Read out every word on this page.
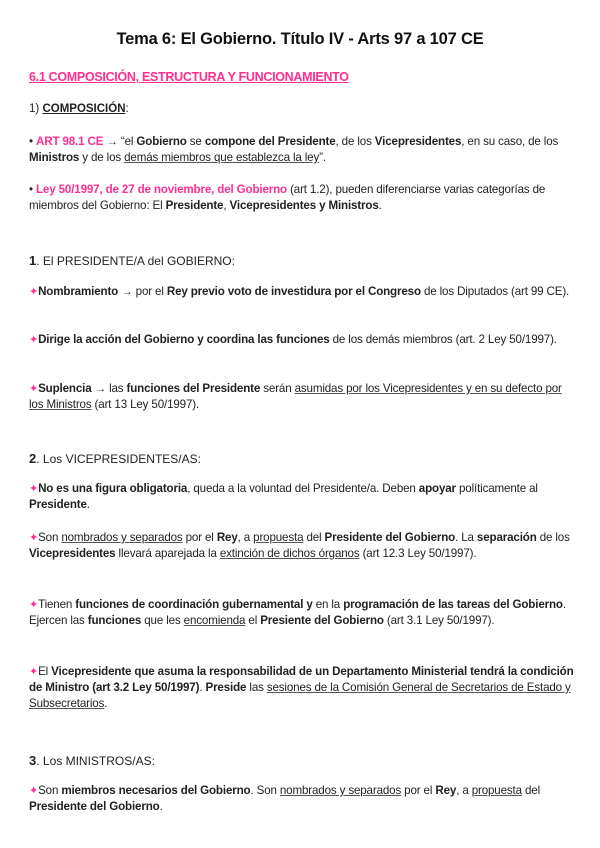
Tema 6: El Gobierno. Título IV - Arts 97 a 107 CE
6.1 COMPOSICIÓN, ESTRUCTURA Y FUNCIONAMIENTO
1) COMPOSICIÓN:
• ART 98.1 CE → “el Gobierno se compone del Presidente, de los Vicepresidentes, en su caso, de los Ministros y de los demás miembros que establezca la ley”.
• Ley 50/1997, de 27 de noviembre, del Gobierno (art 1.2), pueden diferenciarse varias categorías de miembros del Gobierno: El Presidente, Vicepresidentes y Ministros.
1. El PRESIDENTE/A del GOBIERNO:
✦Nombramiento → por el Rey previo voto de investidura por el Congreso de los Diputados (art 99 CE).
✦Dirige la acción del Gobierno y coordina las funciones de los demás miembros (art. 2 Ley 50/1997).
✦Suplencia → las funciones del Presidente serán asumidas por los Vicepresidentes y en su defecto por los Ministros (art 13 Ley 50/1997).
2. Los VICEPRESIDENTES/AS:
✦No es una figura obligatoria, queda a la voluntad del Presidente/a. Deben apoyar políticamente al Presidente.
✦Son nombrados y separados por el Rey, a propuesta del Presidente del Gobierno. La separación de los Vicepresidentes llevará aparejada la extinción de dichos órganos (art 12.3 Ley 50/1997).
✦Tienen funciones de coordinación gubernamental y en la programación de las tareas del Gobierno. Ejercen las funciones que les encomienda el Presiente del Gobierno (art 3.1 Ley 50/1997).
✦El Vicepresidente que asuma la responsabilidad de un Departamento Ministerial tendrá la condición de Ministro (art 3.2 Ley 50/1997). Preside las sesiones de la Comisión General de Secretarios de Estado y Subsecretarios.
3. Los MINISTROS/AS:
✦Son miembros necesarios del Gobierno. Son nombrados y separados por el Rey, a propuesta del Presidente del Gobierno.
